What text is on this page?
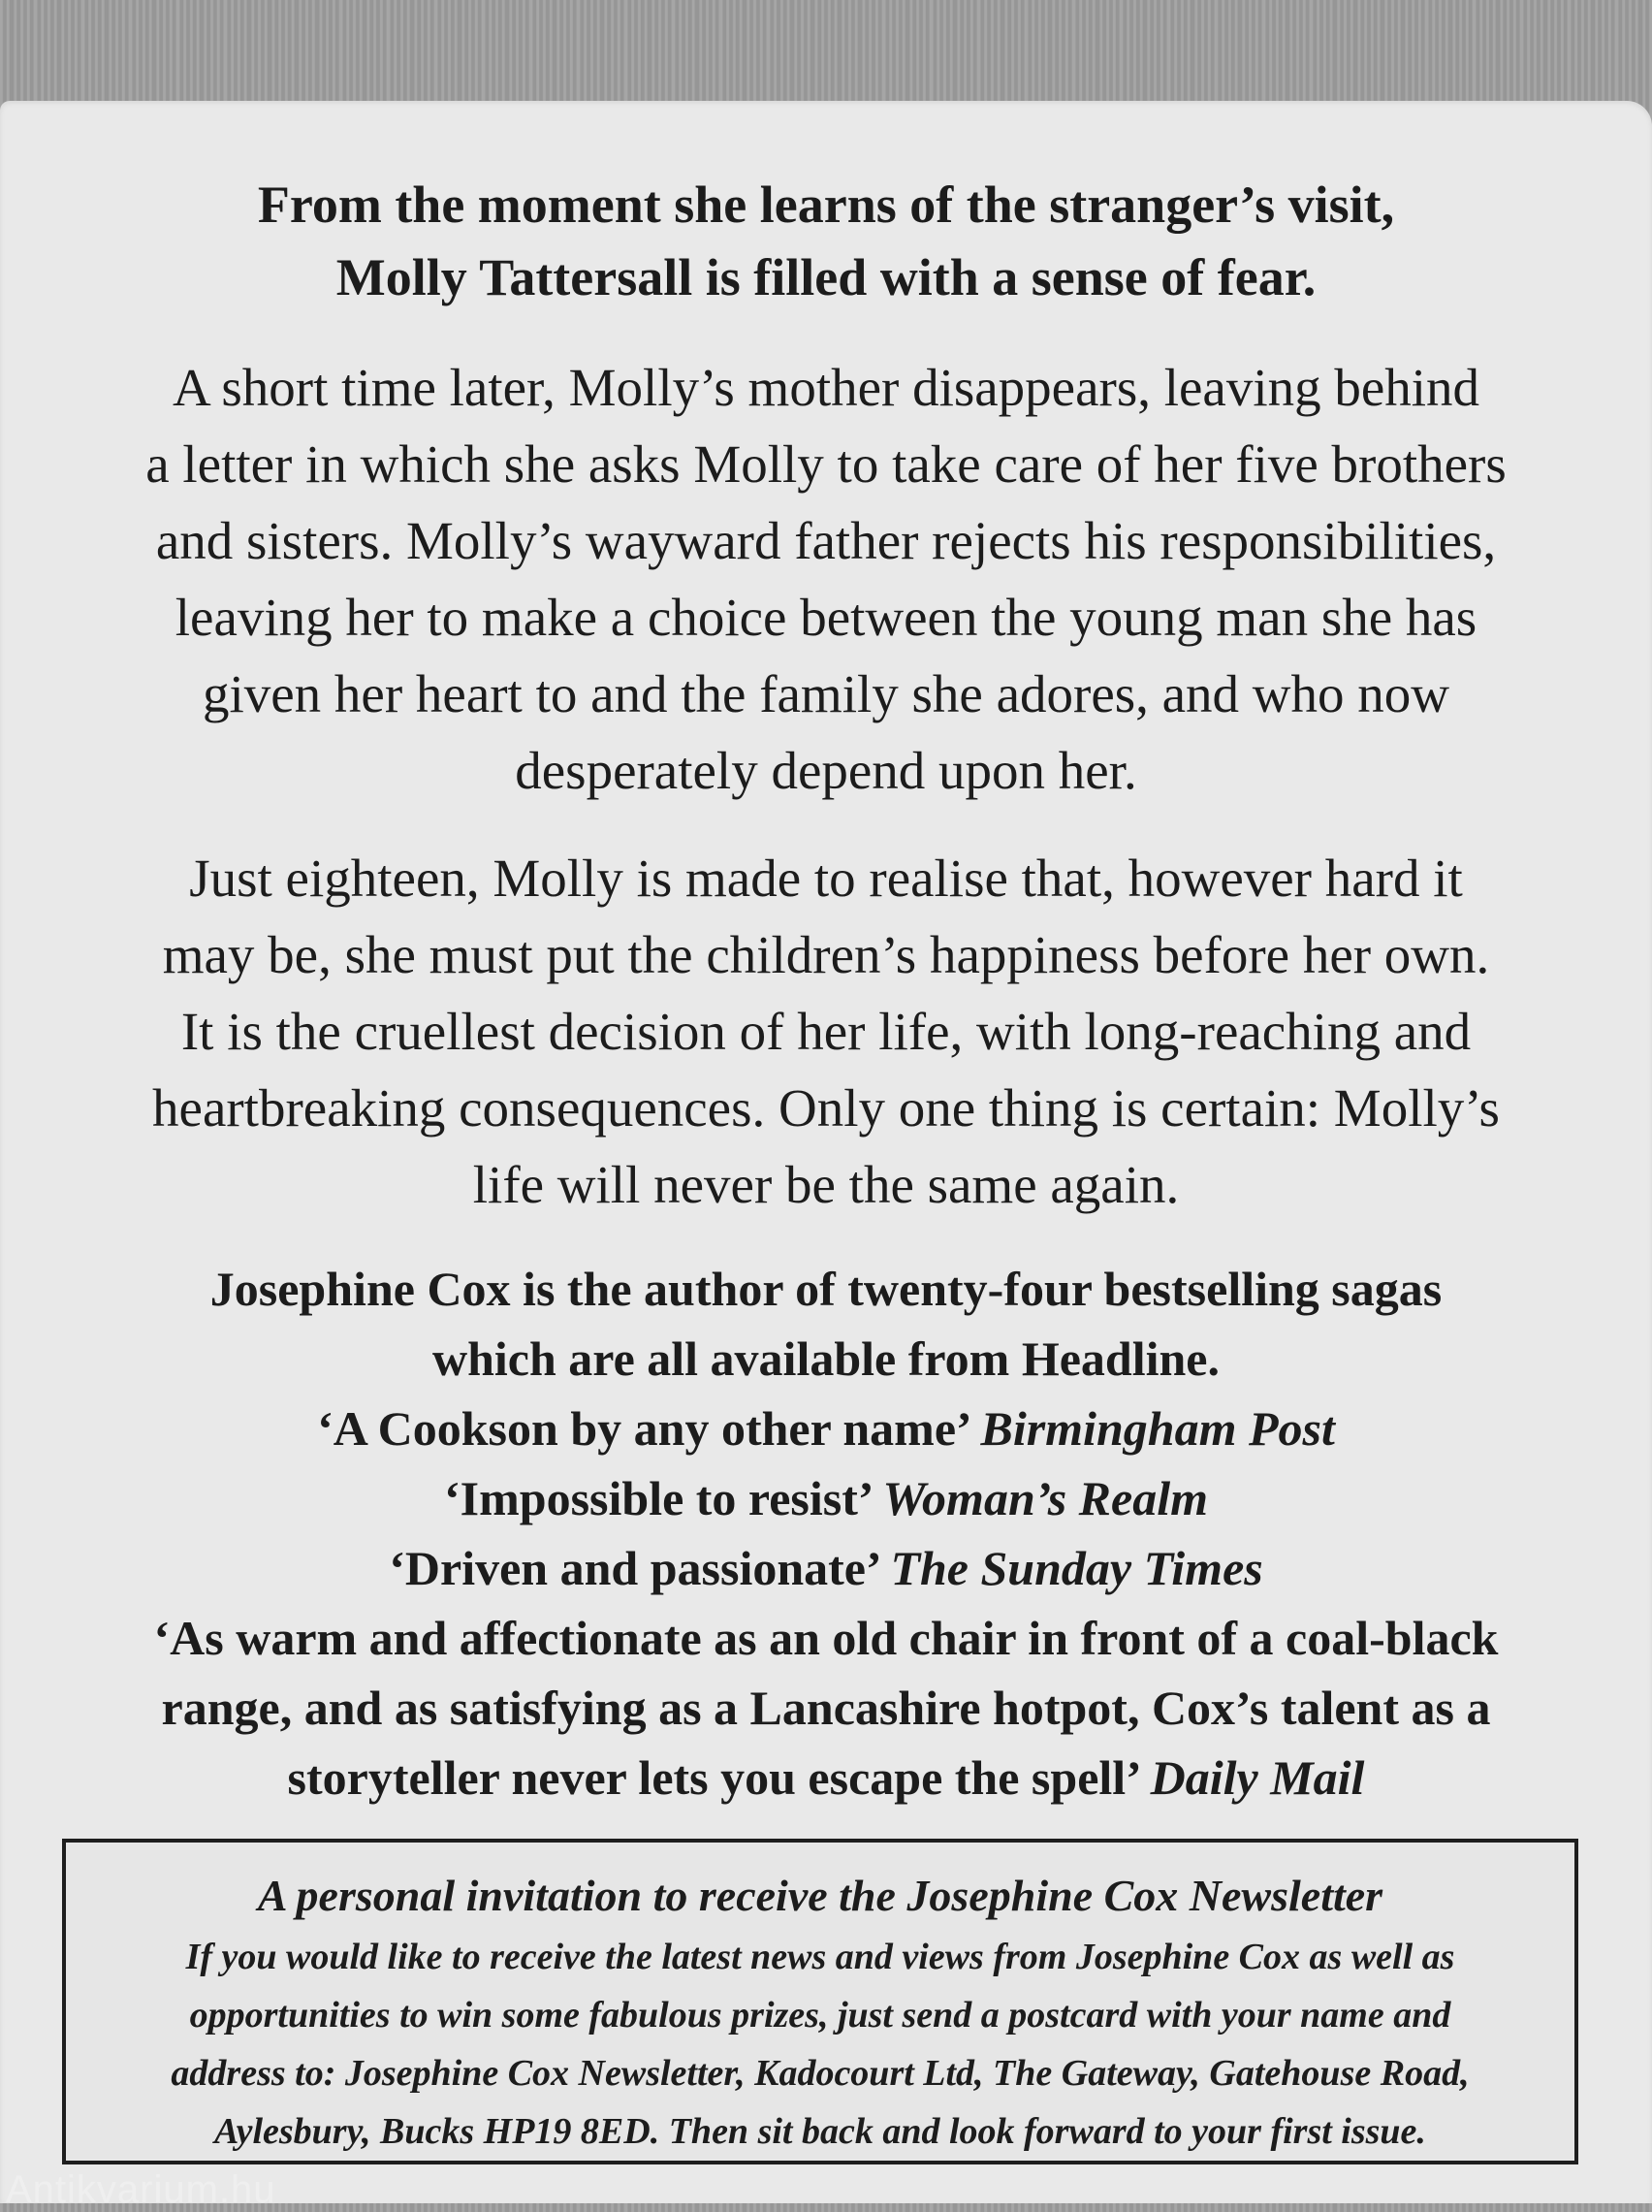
From the moment she learns of the stranger’s visit,
Molly Tattersall is filled with a sense of fear.
A short time later, Molly’s mother disappears, leaving behind
a letter in which she asks Molly to take care of her five brothers
and sisters. Molly’s wayward father rejects his responsibilities,
leaving her to make a choice between the young man she has
given her heart to and the family she adores, and who now
desperately depend upon her.
Just eighteen, Molly is made to realise that, however hard it
may be, she must put the children’s happiness before her own.
It is the cruellest decision of her life, with long-reaching and
heartbreaking consequences. Only one thing is certain: Molly’s
life will never be the same again.
Josephine Cox is the author of twenty-four bestselling sagas
which are all available from Headline.
‘A Cookson by any other name’ Birmingham Post
‘Impossible to resist’ Woman’s Realm
‘Driven and passionate’ The Sunday Times
‘As warm and affectionate as an old chair in front of a coal-black
range, and as satisfying as a Lancashire hotpot, Cox’s talent as a
storyteller never lets you escape the spell’ Daily Mail
A personal invitation to receive the Josephine Cox Newsletter
If you would like to receive the latest news and views from Josephine Cox as well as
opportunities to win some fabulous prizes, just send a postcard with your name and
address to: Josephine Cox Newsletter, Kadocourt Ltd, The Gateway, Gatehouse Road,
Aylesbury, Bucks HP19 8ED. Then sit back and look forward to your first issue.
Antikvarium.hu
